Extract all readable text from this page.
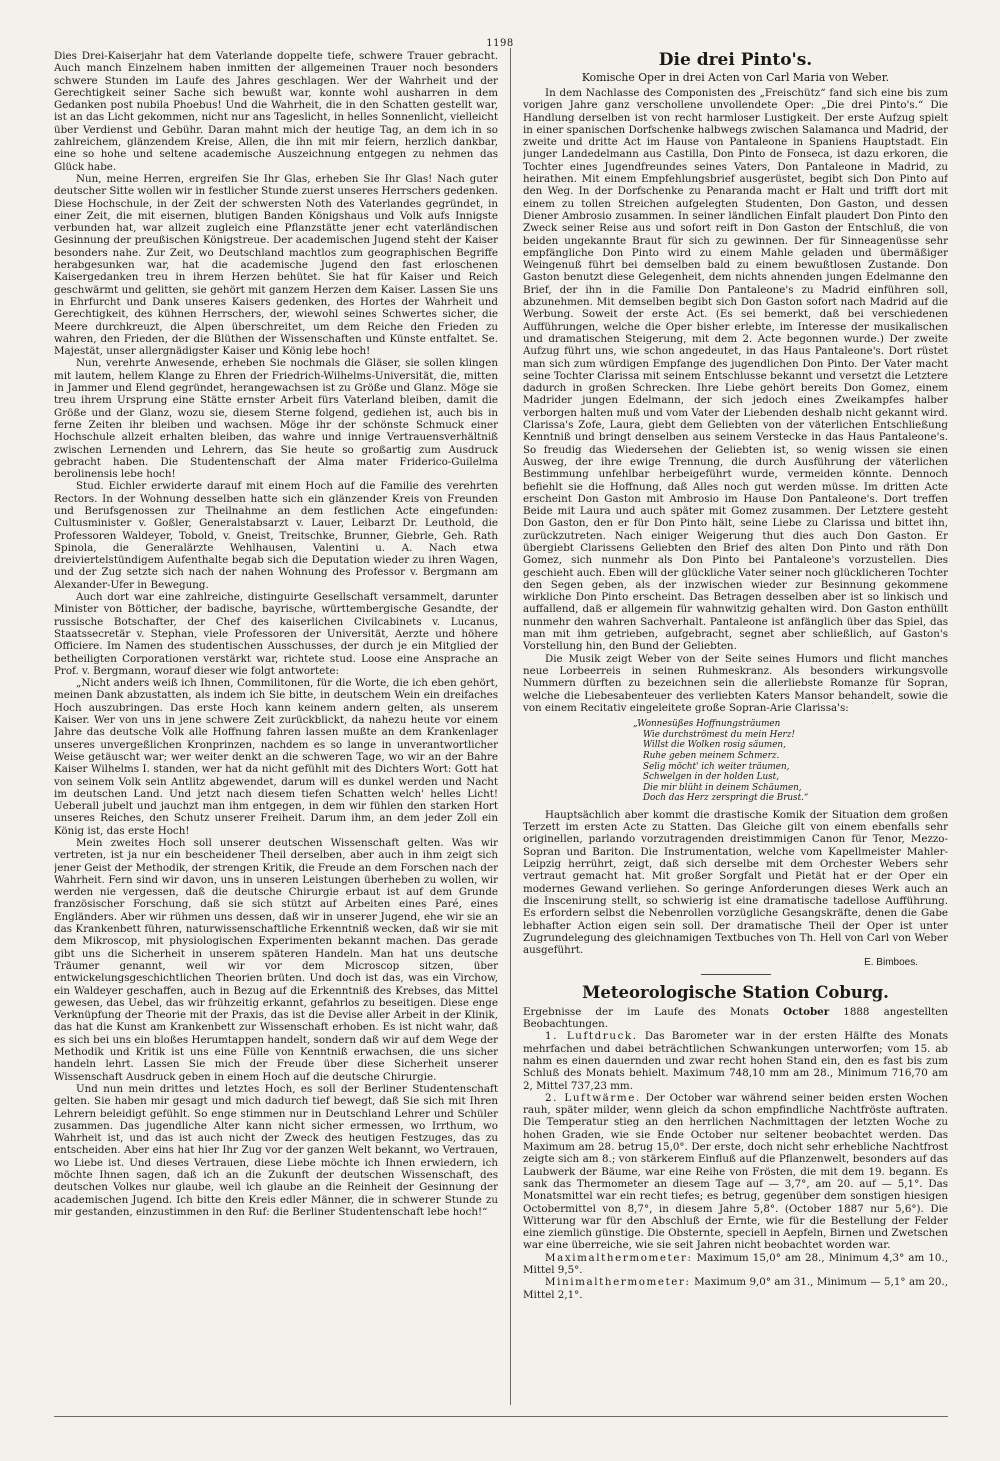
1198

Dies Drei-Kaiserjahr hat dem Vaterlande doppelte tiefe, schwere Trauer gebracht. Auch manch Einzelnem haben inmitten der allgemeinen Trauer noch besonders schwere Stunden im Laufe des Jahres geschlagen. Wer der Wahrheit und der Gerechtigkeit seiner Sache sich bewußt war, konnte wohl ausharren in dem Gedanken post nubila Phoebus! Und die Wahrheit, die in den Schatten gestellt war, ist an das Licht gekommen, nicht nur ans Tageslicht, in helles Sonnenlicht, vielleicht über Verdienst und Gebühr. Daran mahnt mich der heutige Tag, an dem ich in so zahlreichem, glänzendem Kreise, Allen, die ihn mit mir feiern, herzlich dankbar, eine so hohe und seltene academische Auszeichnung entgegen zu nehmen das Glück habe.

Nun, meine Herren, ergreifen Sie Ihr Glas, erheben Sie Ihr Glas! Nach guter deutscher Sitte wollen wir in festlicher Stunde zuerst unseres Herrschers gedenken. Diese Hochschule, in der Zeit der schwersten Noth des Vaterlandes gegründet, in einer Zeit, die mit eisernen, blutigen Banden Königshaus und Volk aufs Innigste verbunden hat, war allzeit zugleich eine Pflanzstätte jener echt vaterländischen Gesinnung der preußischen Königstreue. Der academischen Jugend steht der Kaiser besonders nahe. Zur Zeit, wo Deutschland machtlos zum geographischen Begriffe herabgesunken war, hat die academische Jugend den fast erloschenen Kaisergedanken treu in ihrem Herzen behütet. Sie hat für Kaiser und Reich geschwärmt und gelitten, sie gehört mit ganzem Herzen dem Kaiser. Lassen Sie uns in Ehrfurcht und Dank unseres Kaisers gedenken, des Hortes der Wahrheit und Gerechtigkeit, des kühnen Herrschers, der, wiewohl seines Schwertes sicher, die Meere durchkreuzt, die Alpen überschreitet, um dem Reiche den Frieden zu wahren, den Frieden, der die Blüthen der Wissenschaften und Künste entfaltet. Se. Majestät, unser allergnädigster Kaiser und König lebe hoch!

Nun, verehrte Anwesende, erheben Sie nochmals die Gläser, sie sollen klingen mit lautem, hellem Klange zu Ehren der Friedrich-Wilhelms-Universität, die, mitten in Jammer und Elend gegründet, herangewachsen ist zu Größe und Glanz. Möge sie treu ihrem Ursprung eine Stätte ernster Arbeit fürs Vaterland bleiben, damit die Größe und der Glanz, wozu sie, diesem Sterne folgend, gediehen ist, auch bis in ferne Zeiten ihr bleiben und wachsen. Möge ihr der schönste Schmuck einer Hochschule allzeit erhalten bleiben, das wahre und innige Vertrauensverhältniß zwischen Lernenden und Lehrern, das Sie heute so großartig zum Ausdruck gebracht haben. Die Studentenschaft der Alma mater Friderico-Guilelma berolinensis lebe hoch!

Stud. Eichler erwiderte darauf mit einem Hoch auf die Familie des verehrten Rectors. In der Wohnung desselben hatte sich ein glänzender Kreis von Freunden und Berufsgenossen zur Theilnahme an dem festlichen Acte eingefunden: Cultusminister v. Goßler, Generalstabsarzt v. Lauer, Leibarzt Dr. Leuthold, die Professoren Waldeyer, Tobold, v. Gneist, Treitschke, Brunner, Giebrle, Geh. Rath Spinola, die Generalärzte Wehlhausen, Valentini u. A. Nach etwa dreiviertelstündigem Aufenthalte begab sich die Deputation wieder zu ihren Wagen, und der Zug setzte sich nach der nahen Wohnung des Professor v. Bergmann am Alexander-Ufer in Bewegung.

Auch dort war eine zahlreiche, distinguirte Gesellschaft versammelt, darunter Minister von Bötticher, der badische, bayrische, württembergische Gesandte, der russische Botschafter, der Chef des kaiserlichen Civilcabinets v. Lucanus, Staatssecretär v. Stephan, viele Professoren der Universität, Aerzte und höhere Officiere. Im Namen des studentischen Ausschusses, der durch je ein Mitglied der betheiligten Corporationen verstärkt war, richtete stud. Loose eine Ansprache an Prof. v. Bergmann, worauf dieser wie folgt antwortete:

„Nicht anders weiß ich Ihnen, Commilitonen, für die Worte, die ich eben gehört, meinen Dank abzustatten, als indem ich Sie bitte, in deutschem Wein ein dreifaches Hoch auszubringen. Das erste Hoch kann keinem andern gelten, als unserem Kaiser. Wer von uns in jene schwere Zeit zurückblickt, da nahezu heute vor einem Jahre das deutsche Volk alle Hoffnung fahren lassen mußte an dem Krankenlager unseres unvergeßlichen Kronprinzen, nachdem es so lange in unverantwortlicher Weise getäuscht war; wer weiter denkt an die schweren Tage, wo wir an der Bahre Kaiser Wilhelms I. standen, wer hat da nicht gefühlt mit des Dichters Wort: Gott hat von seinem Volk sein Antlitz abgewendet, darum will es dunkel werden und Nacht im deutschen Land. Und jetzt nach diesem tiefen Schatten welch' helles Licht! Ueberall jubelt und jauchzt man ihm entgegen, in dem wir fühlen den starken Hort unseres Reiches, den Schutz unserer Freiheit. Darum ihm, an dem jeder Zoll ein König ist, das erste Hoch!

Mein zweites Hoch soll unserer deutschen Wissenschaft gelten. Was wir vertreten, ist ja nur ein bescheidener Theil derselben, aber auch in ihm zeigt sich jener Geist der Methodik, der strengen Kritik, die Freude an dem Forschen nach der Wahrheit. Fern sind wir davon, uns in unseren Leistungen überheben zu wollen, wir werden nie vergessen, daß die deutsche Chirurgie erbaut ist auf dem Grunde französischer Forschung, daß sie sich stützt auf Arbeiten eines Paré, eines Engländers. Aber wir rühmen uns dessen, daß wir in unserer Jugend, ehe wir sie an das Krankenbett führen, naturwissenschaftliche Erkenntniß wecken, daß wir sie mit dem Mikroscop, mit physiologischen Experimenten bekannt machen. Das gerade gibt uns die Sicherheit in unserem späteren Handeln. Man hat uns deutsche Träumer genannt, weil wir vor dem Microscop sitzen, über entwickelungsgeschichtlichen Theorien brüten. Und doch ist das, was ein Virchow, ein Waldeyer geschaffen, auch in Bezug auf die Erkenntniß des Krebses, das Mittel gewesen, das Uebel, das wir frühzeitig erkannt, gefahrlos zu beseitigen. Diese enge Verknüpfung der Theorie mit der Praxis, das ist die Devise aller Arbeit in der Klinik, das hat die Kunst am Krankenbett zur Wissenschaft erhoben. Es ist nicht wahr, daß es sich bei uns ein bloßes Herumtappen handelt, sondern daß wir auf dem Wege der Methodik und Kritik ist uns eine Fülle von Kenntniß erwachsen, die uns sicher handeln lehrt. Lassen Sie mich der Freude über diese Sicherheit unserer Wissenschaft Ausdruck geben in einem Hoch auf die deutsche Chirurgie.

Und nun mein drittes und letztes Hoch, es soll der Berliner Studentenschaft gelten. Sie haben mir gesagt und mich dadurch tief bewegt, daß Sie sich mit Ihren Lehrern beleidigt gefühlt. So enge stimmen nur in Deutschland Lehrer und Schüler zusammen. Das jugendliche Alter kann nicht sicher ermessen, wo Irrthum, wo Wahrheit ist, und das ist auch nicht der Zweck des heutigen Festzuges, das zu entscheiden. Aber eins hat hier Ihr Zug vor der ganzen Welt bekannt, wo Vertrauen, wo Liebe ist. Und dieses Vertrauen, diese Liebe möchte ich Ihnen erwiedern, ich möchte Ihnen sagen, daß ich an die Zukunft der deutschen Wissenschaft, des deutschen Volkes nur glaube, weil ich glaube an die Reinheit der Gesinnung der academischen Jugend. Ich bitte den Kreis edler Männer, die in schwerer Stunde zu mir gestanden, einzustimmen in den Ruf: die Berliner Studentenschaft lebe hoch!“

Die drei Pinto's.
Komische Oper in drei Acten von Carl Maria von Weber.

In dem Nachlasse des Componisten des „Freischütz“ fand sich eine bis zum vorigen Jahre ganz verschollene unvollendete Oper: „Die drei Pinto's.“ Die Handlung derselben ist von recht harmloser Lustigkeit. Der erste Aufzug spielt in einer spanischen Dorfschenke halbwegs zwischen Salamanca und Madrid, der zweite und dritte Act im Hause von Pantaleone in Spaniens Hauptstadt. Ein junger Landedelmann aus Castilla, Don Pinto de Fonseca, ist dazu erkoren, die Tochter eines Jugendfreundes seines Vaters, Don Pantaleone in Madrid, zu heirathen. Mit einem Empfehlungsbrief ausgerüstet, begibt sich Don Pinto auf den Weg. In der Dorfschenke zu Penaranda macht er Halt und trifft dort mit einem zu tollen Streichen aufgelegten Studenten, Don Gaston, und dessen Diener Ambrosio zusammen. In seiner ländlichen Einfalt plaudert Don Pinto den Zweck seiner Reise aus und sofort reift in Don Gaston der Entschluß, die von beiden ungekannte Braut für sich zu gewinnen. Der für Sinneagenüsse sehr empfängliche Don Pinto wird zu einem Mahle geladen und übermäßiger Weingenuß führt bei demselben bald zu einem bewußtlosen Zustande. Don Gaston benutzt diese Gelegenheit, dem nichts ahnenden jungen Edelmanne den Brief, der ihn in die Familie Don Pantaleone's zu Madrid einführen soll, abzunehmen. Mit demselben begibt sich Don Gaston sofort nach Madrid auf die Werbung. Soweit der erste Act. (Es sei bemerkt, daß bei verschiedenen Aufführungen, welche die Oper bisher erlebte, im Interesse der musikalischen und dramatischen Steigerung, mit dem 2. Acte begonnen wurde.) Der zweite Aufzug führt uns, wie schon angedeutet, in das Haus Pantaleone's. Dort rüstet man sich zum würdigen Empfange des jugendlichen Don Pinto. Der Vater macht seine Tochter Clarissa mit seinem Entschlusse bekannt und versetzt die Letztere dadurch in großen Schrecken. Ihre Liebe gehört bereits Don Gomez, einem Madrider jungen Edelmann, der sich jedoch eines Zweikampfes halber verborgen halten muß und vom Vater der Liebenden deshalb nicht gekannt wird. Clarissa's Zofe, Laura, giebt dem Geliebten von der väterlichen Entschließung Kenntniß und bringt denselben aus seinem Verstecke in das Haus Pantaleone's. So freudig das Wiedersehen der Geliebten ist, so wenig wissen sie einen Ausweg, der ihre ewige Trennung, die durch Ausführung der väterlichen Bestimmung unfehlbar herbeigeführt wurde, vermeiden könnte. Dennoch befiehlt sie die Hoffnung, daß Alles noch gut werden müsse. Im dritten Acte erscheint Don Gaston mit Ambrosio im Hause Don Pantaleone's. Dort treffen Beide mit Laura und auch später mit Gomez zusammen. Der Letztere gesteht Don Gaston, den er für Don Pinto hält, seine Liebe zu Clarissa und bittet ihn, zurückzutreten. Nach einiger Weigerung thut dies auch Don Gaston. Er übergiebt Clarissens Geliebten den Brief des alten Don Pinto und räth Don Gomez, sich nunmehr als Don Pinto bei Pantaleone's vorzustellen. Dies geschieht auch. Eben will der glückliche Vater seiner noch glücklicheren Tochter den Segen geben, als der inzwischen wieder zur Besinnung gekommene wirkliche Don Pinto erscheint. Das Betragen desselben aber ist so linkisch und auffallend, daß er allgemein für wahnwitzig gehalten wird. Don Gaston enthüllt nunmehr den wahren Sachverhalt. Pantaleone ist anfänglich über das Spiel, das man mit ihm getrieben, aufgebracht, segnet aber schließlich, auf Gaston's Vorstellung hin, den Bund der Geliebten.

Die Musik zeigt Weber von der Seite seines Humors und flicht manches neue Lorbeerreis in seinen Ruhmeskranz. Als besonders wirkungsvolle Nummern dürften zu bezeichnen sein die allerliebste Romanze für Sopran, welche die Liebesabenteuer des verliebten Katers Mansor behandelt, sowie die von einem Recitativ eingeleitete große Sopran-Arie Clarissa's:

„Wonnesüßes Hoffnungsträumen
Wie durchströmest du mein Herz!
Willst die Wolken rosig säumen,
Ruhe geben meinem Schmerz.
Selig möcht' ich weiter träumen,
Schwelgen in der holden Lust,
Die mir blüht in deinem Schäumen,
Doch das Herz zerspringt die Brust.“

Hauptsächlich aber kommt die drastische Komik der Situation dem großen Terzett im ersten Acte zu Statten. Das Gleiche gilt von einem ebenfalls sehr originellen, parlando vorzutragenden dreistimmigen Canon für Tenor, Mezzo-Sopran und Bariton. Die Instrumentation, welche vom Kapellmeister Mahler-Leipzig herrührt, zeigt, daß sich derselbe mit dem Orchester Webers sehr vertraut gemacht hat. Mit großer Sorgfalt und Pietät hat er der Oper ein modernes Gewand verliehen. So geringe Anforderungen dieses Werk auch an die Inscenirung stellt, so schwierig ist eine dramatische tadellose Aufführung. Es erfordern selbst die Nebenrollen vorzügliche Gesangskräfte, denen die Gabe lebhafter Action eigen sein soll. Der dramatische Theil der Oper ist unter Zugrundelegung des gleichnamigen Textbuches von Th. Hell von Carl von Weber ausgeführt.

E. Bimboes.
Meteorologische Station Coburg.

Ergebnisse der im Laufe des Monats October 1888 angestellten Beobachtungen.

1. Luftdruck. Das Barometer war in der ersten Hälfte des Monats mehrfachen und dabei beträchtlichen Schwankungen unterworfen; vom 15. ab nahm es einen dauernden und zwar recht hohen Stand ein, den es fast bis zum Schluß des Monats behielt. Maximum 748,10 mm am 28., Minimum 716,70 am 2, Mittel 737,23 mm.

2. Luftwärme. Der October war während seiner beiden ersten Wochen rauh, später milder, wenn gleich da schon empfindliche Nachtfröste auftraten. Die Temperatur stieg an den herrlichen Nachmittagen der letzten Woche zu hohen Graden, wie sie Ende October nur seltener beobachtet werden. Das Maximum am 28. betrug 15,0°. Der erste, doch nicht sehr erhebliche Nachtfrost zeigte sich am 8.; von stärkerem Einfluß auf die Pflanzenwelt, besonders auf das Laubwerk der Bäume, war eine Reihe von Frösten, die mit dem 19. begann. Es sank das Thermometer an diesem Tage auf — 3,7°, am 20. auf — 5,1°. Das Monatsmittel war ein recht tiefes; es betrug, gegenüber dem sonstigen hiesigen Octobermittel von 8,7°, in diesem Jahre 5,8°. (October 1887 nur 5,6°). Die Witterung war für den Abschluß der Ernte, wie für die Bestellung der Felder eine ziemlich günstige. Die Obsternte, speciell in Aepfeln, Birnen und Zwetschen war eine überreiche, wie sie seit Jahren nicht beobachtet worden war.

Maximalthermometer: Maximum 15,0° am 28., Minimum 4,3° am 10., Mittel 9,5°.

Minimalthermometer: Maximum 9,0° am 31., Minimum — 5,1° am 20., Mittel 2,1°.
